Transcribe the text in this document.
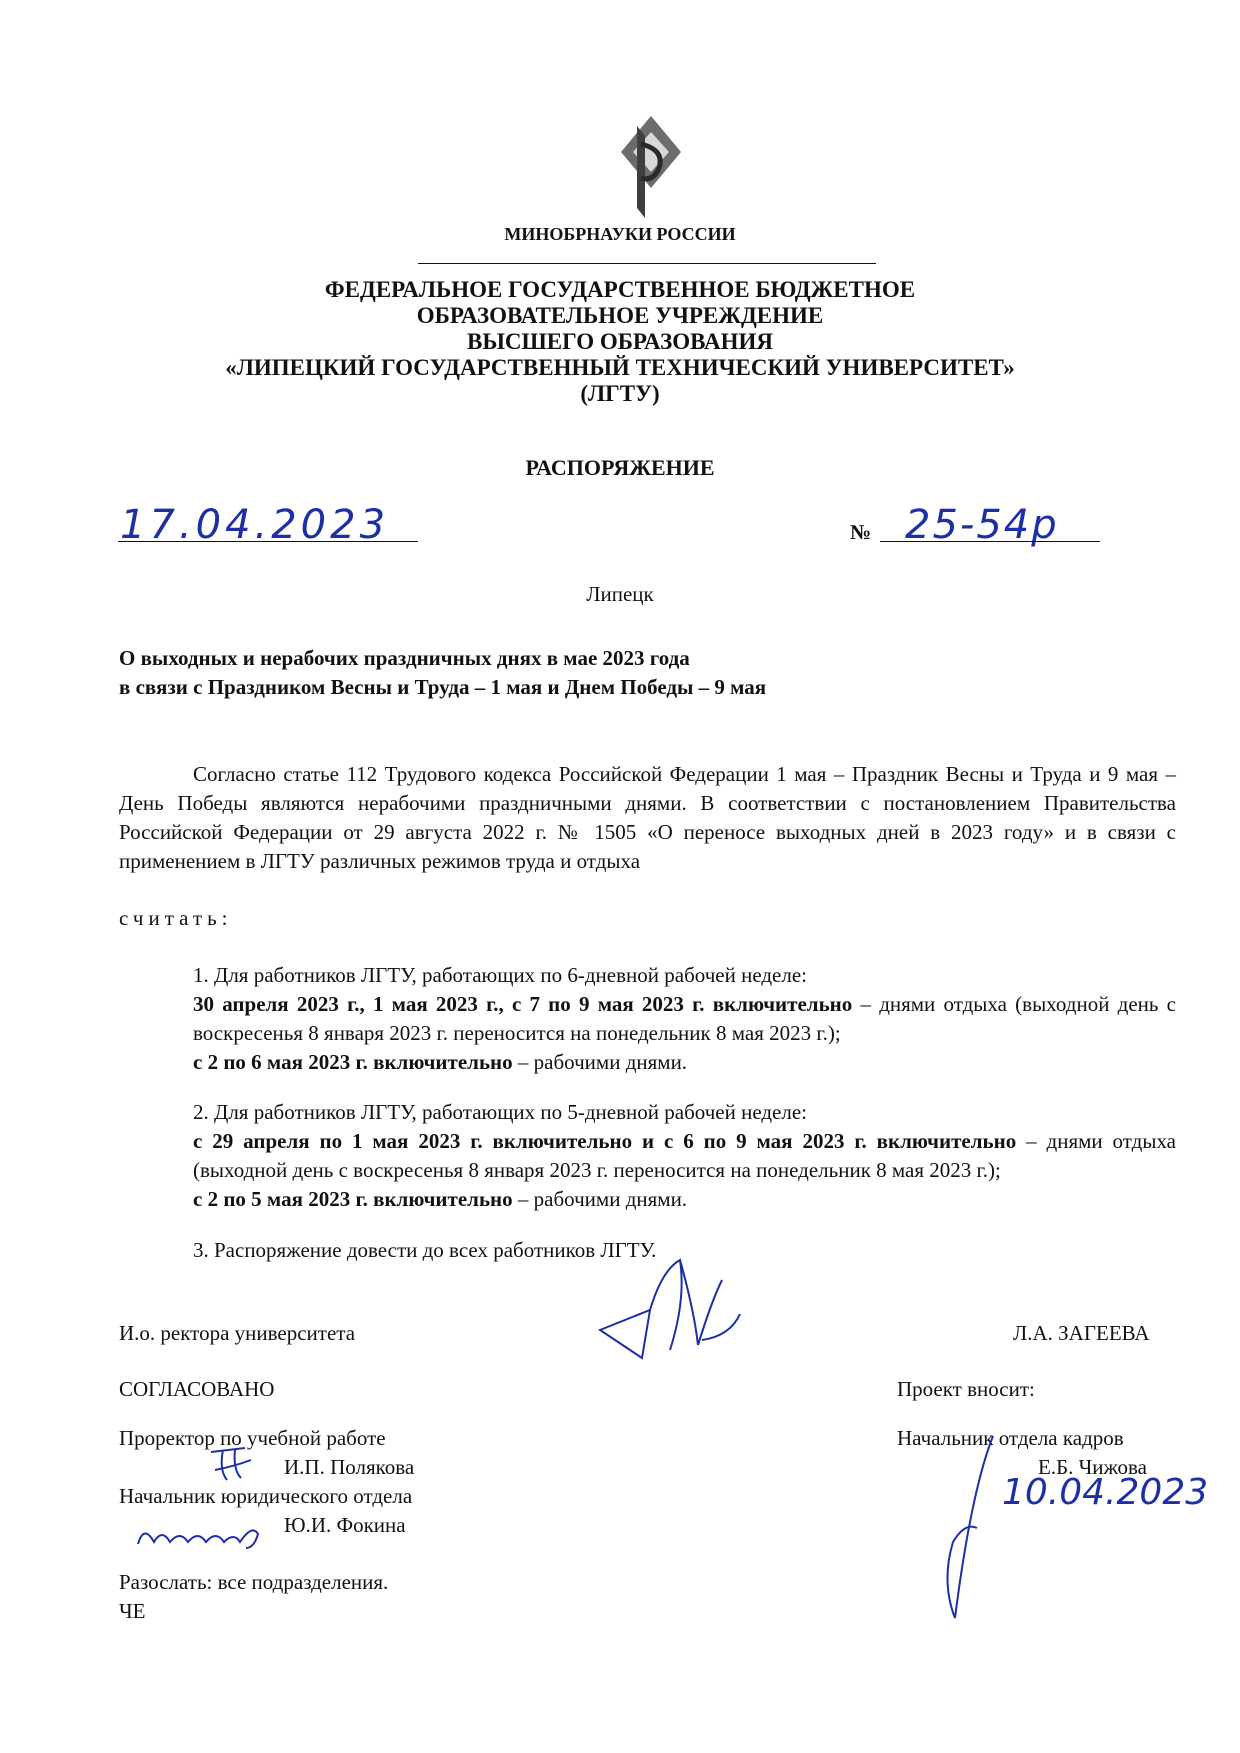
МИНОБРНАУКИ РОССИИ
ФЕДЕРАЛЬНОЕ ГОСУДАРСТВЕННОЕ БЮДЖЕТНОЕ
ОБРАЗОВАТЕЛЬНОЕ УЧРЕЖДЕНИЕ
ВЫСШЕГО ОБРАЗОВАНИЯ
«ЛИПЕЦКИЙ ГОСУДАРСТВЕННЫЙ ТЕХНИЧЕСКИЙ УНИВЕРСИТЕТ»
(ЛГТУ)
РАСПОРЯЖЕНИЕ
17.04.2023	№ 25-54р
Липецк
О выходных и нерабочих праздничных днях в мае 2023 года
в связи с Праздником Весны и Труда – 1 мая и Днем Победы – 9 мая
Согласно статье 112 Трудового кодекса Российской Федерации 1 мая – Праздник Весны и Труда и 9 мая – День Победы являются нерабочими праздничными днями. В соответствии с постановлением Правительства Российской Федерации от 29 августа 2022 г. № 1505 «О переносе выходных дней в 2023 году» и в связи с применением в ЛГТУ различных режимов труда и отдыха
считать:

1. Для работников ЛГТУ, работающих по 6-дневной рабочей неделе:

30 апреля 2023 г., 1 мая 2023 г., с 7 по 9 мая 2023 г. включительно – днями отдыха (выходной день с воскресенья 8 января 2023 г. переносится на понедельник 8 мая 2023 г.);

с 2 по 6 мая 2023 г. включительно – рабочими днями.

2. Для работников ЛГТУ, работающих по 5-дневной рабочей неделе:

с 29 апреля по 1 мая 2023 г. включительно и с 6 по 9 мая 2023 г. включительно – днями отдыха (выходной день с воскресенья 8 января 2023 г. переносится на понедельник 8 мая 2023 г.);

с 2 по 5 мая 2023 г. включительно – рабочими днями.

3. Распоряжение довести до всех работников ЛГТУ.

И.о. ректора университета	Л.А. ЗАГЕЕВА
СОГЛАСОВАНО	Проект вносит:
Проректор по учебной работе	Начальник отдела кадров
И.П. Полякова	Е.Б. Чижова
10.04.2023
Начальник юридического отдела
Ю.И. Фокина
Разослать: все подразделения.
ЧЕ
